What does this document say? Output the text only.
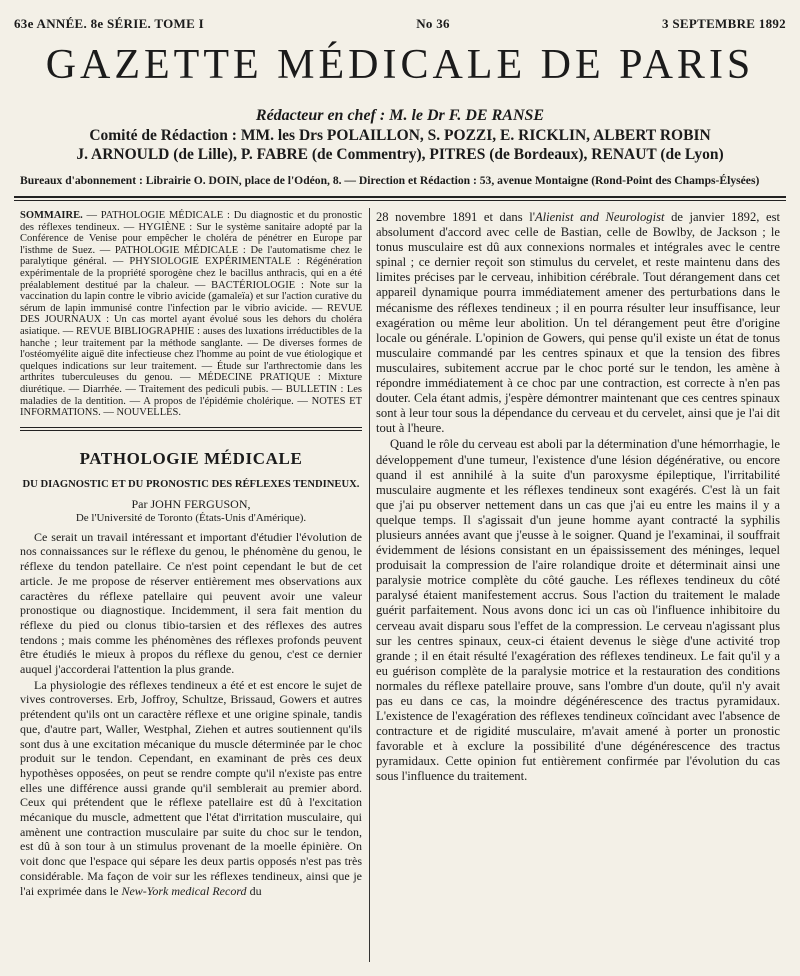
63e ANNÉE. 8e SÉRIE. TOME I	No 36	3 SEPTEMBRE 1892
GAZETTE MÉDICALE DE PARIS
Rédacteur en chef : M. le Dr F. DE RANSE
Comité de Rédaction : MM. les Drs POLAILLON, S. POZZI, E. RICKLIN, ALBERT ROBIN
J. ARNOULD (de Lille), P. FABRE (de Commentry), PITRES (de Bordeaux), RENAUT (de Lyon)
Bureaux d'abonnement : Librairie O. DOIN, place de l'Odéon, 8. — Direction et Rédaction : 53, avenue Montaigne (Rond-Point des Champs-Élysées)

SOMMAIRE. — PATHOLOGIE MÉDICALE : Du diagnostic et du pronostic des réflexes tendineux. — HYGIÈNE : Sur le système sanitaire adopté par la Conférence de Venise pour empêcher le choléra de pénétrer en Europe par l'isthme de Suez. — PATHOLOGIE MÉDICALE : De l'automatisme chez le paralytique général. — PHYSIOLOGIE EXPÉRIMENTALE : Régénération expérimentale de la propriété sporogène chez le bacillus anthracis, qui en a été préalablement destitué par la chaleur. — BACTÉRIOLOGIE : Note sur la vaccination du lapin contre le vibrio avicide (gamaleïa) et sur l'action curative du sérum de lapin immunisé contre l'infection par le vibrio avicide. — REVUE DES JOURNAUX : Un cas mortel ayant évolué sous les dehors du choléra asiatique. — REVUE BIBLIOGRAPHIE : auses des luxations irréductibles de la hanche ; leur traitement par la méthode sanglante. — De diverses formes de l'ostéomyélite aiguë dite infectieuse chez l'homme au point de vue étiologique et quelques indications sur leur traitement. — Étude sur l'arthrectomie dans les arthrites tuberculeuses du genou. — MÉDECINE PRATIQUE : Mixture diurétique. — Diarrhée. — Traitement des pediculi pubis. — BULLETIN : Les maladies de la dentition. — A propos de l'épidémie cholérique. — NOTES ET INFORMATIONS. — NOUVELLES.

PATHOLOGIE MÉDICALE
DU DIAGNOSTIC ET DU PRONOSTIC DES RÉFLEXES TENDINEUX.
Par JOHN FERGUSON,
De l'Université de Toronto (États-Unis d'Amérique).

Ce serait un travail intéressant et important d'étudier l'évolution de nos connaissances sur le réflexe du genou, le phénomène du genou, le réflexe du tendon patellaire. Ce n'est point cependant le but de cet article. Je me propose de réserver entièrement mes observations aux caractères du réflexe patellaire qui peuvent avoir une valeur pronostique ou diagnostique. Incidemment, il sera fait mention du réflexe du pied ou clonus tibio-tarsien et des réflexes des autres tendons ; mais comme les phénomènes des réflexes profonds peuvent être étudiés le mieux à propos du réflexe du genou, c'est ce dernier auquel j'accorderai l'attention la plus grande.

La physiologie des réflexes tendineux a été et est encore le sujet de vives controverses. Erb, Joffroy, Schultze, Brissaud, Gowers et autres prétendent qu'ils ont un caractère réflexe et une origine spinale, tandis que, d'autre part, Waller, Westphal, Ziehen et autres soutiennent qu'ils sont dus à une excitation mécanique du muscle déterminée par le choc produit sur le tendon. Cependant, en examinant de près ces deux hypothèses opposées, on peut se rendre compte qu'il n'existe pas entre elles une différence aussi grande qu'il semblerait au premier abord. Ceux qui prétendent que le réflexe patellaire est dû à l'excitation mécanique du muscle, admettent que l'état d'irritation musculaire, qui amènent une contraction musculaire par suite du choc sur le tendon, est dû à son tour à un stimulus provenant de la moelle épinière. On voit donc que l'espace qui sépare les deux partis opposés n'est pas très considérable. Ma façon de voir sur les réflexes tendineux, ainsi que je l'ai exprimée dans le New-York medical Record du

28 novembre 1891 et dans l'Alienist and Neurologist de janvier 1892, est absolument d'accord avec celle de Bastian, celle de Bowlby, de Jackson ; le tonus musculaire est dû aux connexions normales et intégrales avec le centre spinal ; ce dernier reçoit son stimulus du cervelet, et reste maintenu dans des limites précises par le cerveau, inhibition cérébrale. Tout dérangement dans cet appareil dynamique pourra immédiatement amener des perturbations dans le mécanisme des réflexes tendineux ; il en pourra résulter leur insuffisance, leur exagération ou même leur abolition. Un tel dérangement peut être d'origine locale ou générale. L'opinion de Gowers, qui pense qu'il existe un état de tonus musculaire commandé par les centres spinaux et que la tension des fibres musculaires, subitement accrue par le choc porté sur le tendon, les amène à répondre immédiatement à ce choc par une contraction, est correcte à n'en pas douter. Cela étant admis, j'espère démontrer maintenant que ces centres spinaux sont à leur tour sous la dépendance du cerveau et du cervelet, ainsi que je l'ai dit tout à l'heure.

Quand le rôle du cerveau est aboli par la détermination d'une hémorrhagie, le développement d'une tumeur, l'existence d'une lésion dégénérative, ou encore quand il est annihilé à la suite d'un paroxysme épileptique, l'irritabilité musculaire augmente et les réflexes tendineux sont exagérés. C'est là un fait que j'ai pu observer nettement dans un cas que j'ai eu entre les mains il y a quelque temps. Il s'agissait d'un jeune homme ayant contracté la syphilis plusieurs années avant que j'eusse à le soigner. Quand je l'examinai, il souffrait évidemment de lésions consistant en un épaississement des méninges, lequel produisait la compression de l'aire rolandique droite et déterminait ainsi une paralysie motrice complète du côté gauche. Les réflexes tendineux du côté paralysé étaient manifestement accrus. Sous l'action du traitement le malade guérit parfaitement. Nous avons donc ici un cas où l'influence inhibitoire du cerveau avait disparu sous l'effet de la compression. Le cerveau n'agissant plus sur les centres spinaux, ceux-ci étaient devenus le siège d'une activité trop grande ; il en était résulté l'exagération des réflexes tendineux. Le fait qu'il y a eu guérison complète de la paralysie motrice et la restauration des conditions normales du réflexe patellaire prouve, sans l'ombre d'un doute, qu'il n'y avait pas eu dans ce cas, la moindre dégénérescence des tractus pyramidaux. L'existence de l'exagération des réflexes tendineux coïncidant avec l'absence de contracture et de rigidité musculaire, m'avait amené à porter un pronostic favorable et à exclure la possibilité d'une dégénérescence des tractus pyramidaux. Cette opinion fut entièrement confirmée par l'évolution du cas sous l'influence du traitement.
